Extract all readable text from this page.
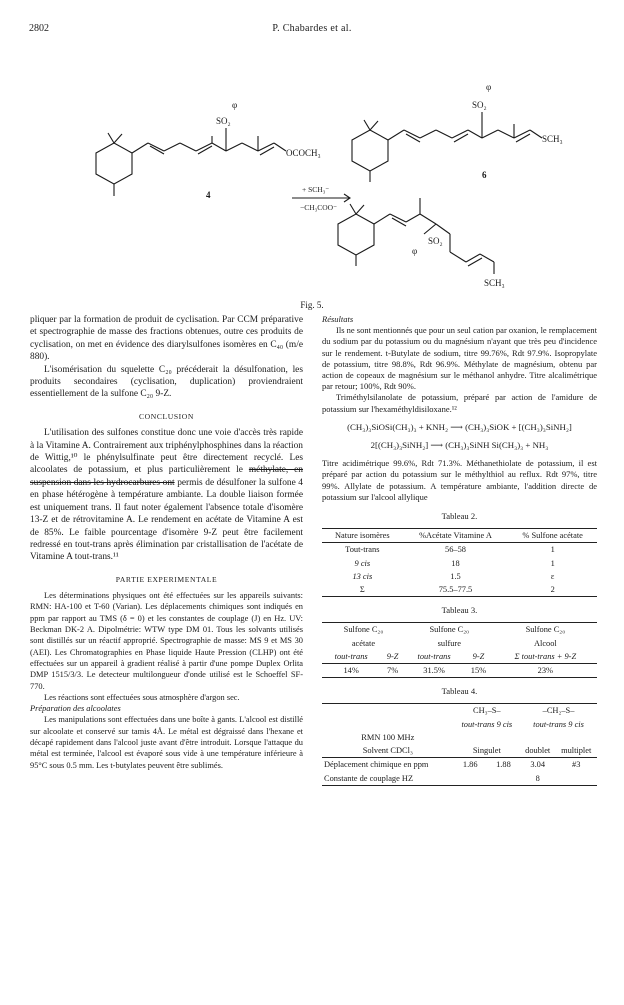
2802	P. Chabardes et al.
SO₂
φ
OCOCH₃
4
SO₂
φ
SCH₃
6
SO₂
φ
SCH₃
+ SCH₃⁻
−CH₃COO⁻
Fig. 5.

pliquer par la formation de produit de cyclisation. Par CCM préparative et spectrographie de masse des fractions obtenues, outre ces produits de cyclisation, on met en évidence des diarylsulfones isomères en C₄₀ (m/e 880).

L'isomérisation du squelette C₂₀ précéderait la désulfonation, les produits secondaires (cyclisation, duplication) proviendraient essentiellement de la sulfone C₂₀ 9-Z.

CONCLUSION

L'utilisation des sulfones constitue donc une voie d'accès très rapide à la Vitamine A. Contrairement aux triphénylphosphines dans la réaction de Wittig,¹⁰ le phénylsulfinate peut être directement recyclé. Les alcoolates de potassium, et plus particulièrement le méthylate, en suspension dans les hydrocarbures ont permis de désulfoner la sulfone 4 en phase hétérogène à température ambiante. La double liaison formée est uniquement trans. Il faut noter également l'absence totale d'isomère 13-Z et de rétrovitamine A. Le rendement en acétate de Vitamine A est de 85%. Le faible pourcentage d'isomère 9-Z peut être facilement redressé en tout-trans après élimination par cristallisation de l'acétate de Vitamine A tout-trans.¹¹

PARTIE EXPERIMENTALE

Les déterminations physiques ont été effectuées sur les appareils suivants: RMN: HA-100 et T-60 (Varian). Les déplacements chimiques sont indiqués en ppm par rapport au TMS (δ = 0) et les constantes de couplage (J) en Hz. UV: Beckman DK-2 A. Dipolmétrie: WTW type DM 01. Tous les solvants utilisés sont distillés sur un réactif approprié. Spectrographie de masse: MS 9 et MS 30 (AEI). Les Chromatographies en Phase liquide Haute Pression (CLHP) ont été effectuées sur un appareil à gradient réalisé à partir d'une pompe Duplex Orlita DMP 1515/3/3. Le detecteur multilongueur d'onde utilisé est le Schoeffel SF-770.

Les réactions sont effectuées sous atmosphère d'argon sec.

Préparation des alcoolates

Les manipulations sont effectuées dans une boîte à gants. L'alcool est distillé sur alcoolate et conservé sur tamis 4Å. Le métal est dégraissé dans l'hexane et décapé rapidement dans l'alcool juste avant d'être introduit. Lorsque l'attaque du métal est terminée, l'alcool est évaporé sous vide à une température inférieure à 95°C sous 0.5 mm. Les t-butylates peuvent être sublimés.

Résultats

Ils ne sont mentionnés que pour un seul cation par oxanion, le remplacement du sodium par du potassium ou du magnésium n'ayant que très peu d'incidence sur le rendement. t-Butylate de sodium, titre 99.76%, Rdt 97.9%. Isopropylate de potassium, titre 98.8%, Rdt 96.9%. Méthylate de magnésium, obtenu par action de copeaux de magnésium sur le méthanol anhydre. Titre alcalimétrique par retour; 100%, Rdt 90%.

Triméthylsilanolate de potassium, préparé par action de l'amidure de potassium sur l'hexaméthyldisiloxane.¹²

(CH₃)₃SiOSi(CH₃)₃ + KNH₂ ⟶ (CH₃)₃SiOK + [(CH₃)₃SiNH₂]
2[(CH₃)₃SiNH₂] ⟶ (CH₃)₃SiNH Si(CH₃)₃ + NH₃

Titre acidimétrique 99.6%, Rdt 71.3%. Méthanethiolate de potassium, il est préparé par action du potassium sur le méthylthiol au reflux. Rdt 97%, titre 99%. Allylate de potassium. A température ambiante, l'addition directe de potassium sur l'alcool allylique

Tableau 2.
Nature isomères	%Acétate Vitamine A	% Sulfone acétate
Tout-trans	56–58	1
9 cis	18	1
13 cis	1.5	ε
Σ	75.5–77.5	2
Tableau 3.
Sulfone C₂₀		Sulfone C₂₀		Sulfone C₂₀
acétate		sulfure		Alcool
tout-trans	9-Z	tout-trans	9-Z	Σ tout-trans + 9-Z
14%	7%	31.5%	15%	23%
Tableau 4.
	CH₃–S–		–CH₂–S–	
	tout-trans 9 cis		tout-trans 9 cis	
RMN 100 MHz				
Solvent CDCl₃	Singulet		doublet	multiplet
Déplacement chimique en ppm	1.86	1.88	3.04	#3
Constante de couplage HZ			8	
